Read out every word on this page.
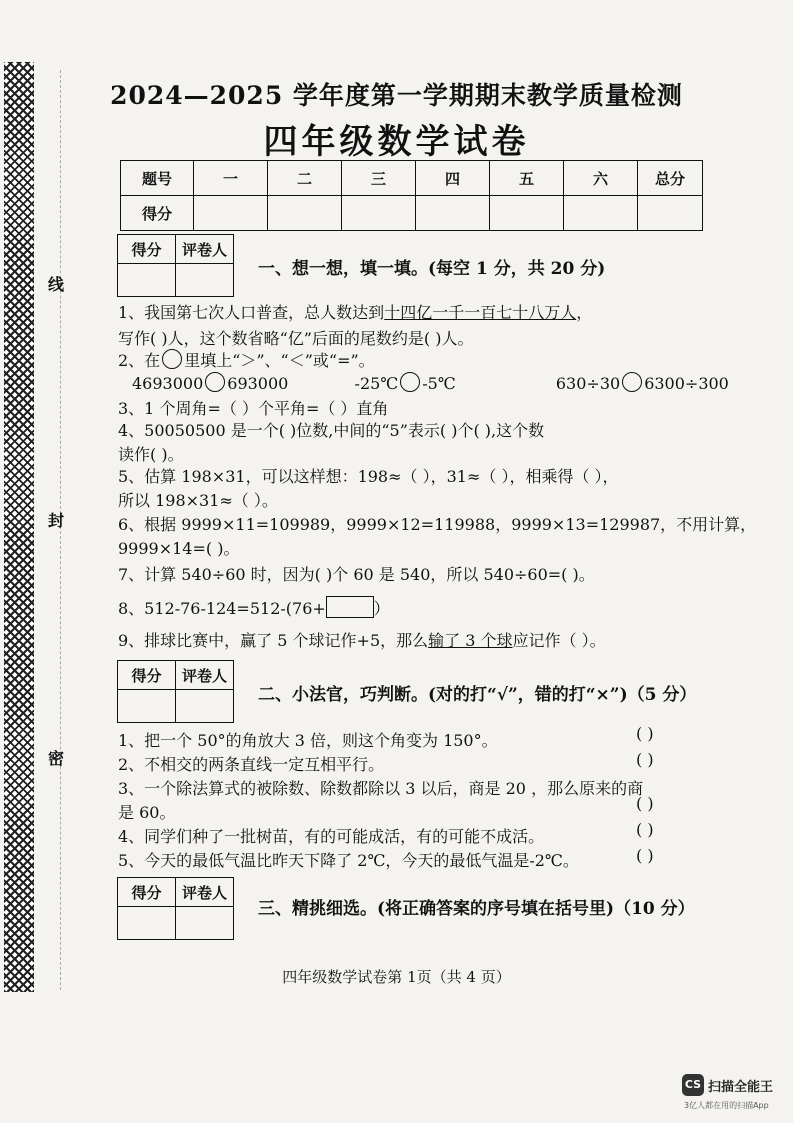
线
封
密
2024—2025 学年度第一学期期末教学质量检测
四年级数学试卷
题号	一	二	三	四	五	六	总分
得分							
得分	评卷人

一、想一想，填一填。(每空 1 分，共 20 分)
1、我国第七次人口普查，总人数达到十四亿一千一百七十八万人，
写作( )人，这个数省略“亿”后面的尾数约是( )人。
2、在 里填上“＞”、“＜”或“=”。
4693000 693000	-25℃ -5℃	630÷30 6300÷300
3、1 个周角=（ ）个平角=（ ）直角
4、50050500 是一个( )位数,中间的“5”表示( )个( ),这个数
读作( )。
5、估算 198×31，可以这样想：198≈（ ），31≈（ ），相乘得（ ），
所以 198×31≈（ ）。
6、根据 9999×11=109989，9999×12=119988，9999×13=129987，不用计算，
9999×14=( )。
7、计算 540÷60 时，因为( )个 60 是 540，所以 540÷60=( )。
8、512-76-124=512-(76+	）
9、排球比赛中，赢了 5 个球记作+5，那么输了 3 个球应记作（ ）。
得分	评卷人

二、小法官，巧判断。(对的打“√”，错的打“×”)（5 分）
1、把一个 50°的角放大 3 倍，则这个角变为 150°。	( )
2、不相交的两条直线一定互相平行。	( )
3、一个除法算式的被除数、除数都除以 3 以后，商是 20 ，那么原来的商
是 60。	( )
4、同学们种了一批树苗，有的可能成活，有的可能不成活。	( )
5、今天的最低气温比昨天下降了 2℃，今天的最低气温是-2℃。	( )
得分	评卷人

三、精挑细选。(将正确答案的序号填在括号里)（10 分）
四年级数学试卷第 1页（共 4 页）
CS 扫描全能王
3亿人都在用的扫描App
